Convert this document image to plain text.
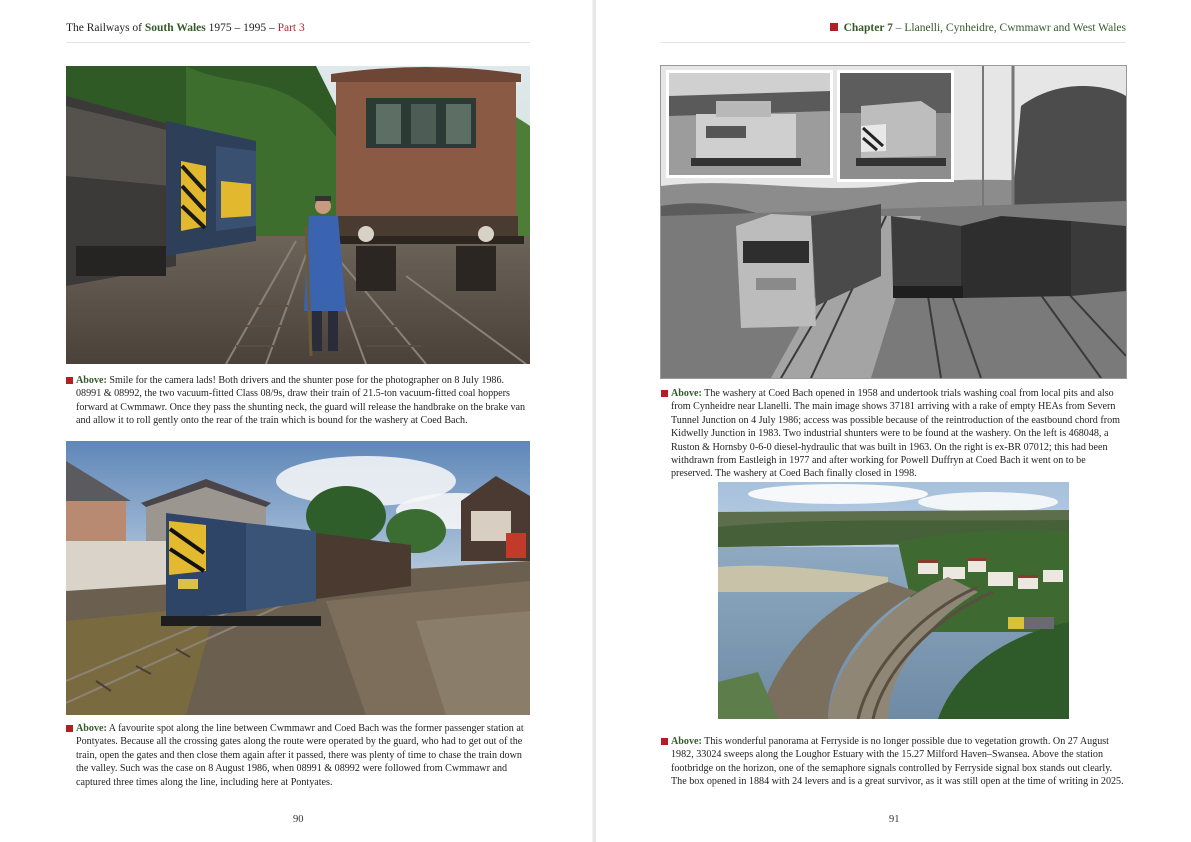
The Railways of South Wales 1975 – 1995 – Part 3

Above: Smile for the camera lads! Both drivers and the shunter pose for the photographer on 8 July 1986. 08991 & 08992, the two vacuum-fitted Class 08/9s, draw their train of 21.5-ton vacuum-fitted coal hoppers forward at Cwmmawr. Once they pass the shunting neck, the guard will release the handbrake on the brake van and allow it to roll gently onto the rear of the train which is bound for the washery at Coed Bach.

Above: A favourite spot along the line between Cwmmawr and Coed Bach was the former passenger station at Pontyates. Because all the crossing gates along the route were operated by the guard, who had to get out of the train, open the gates and then close them again after it passed, there was plenty of time to chase the train down the valley. Such was the case on 8 August 1986, when 08991 & 08992 were followed from Cwmmawr and captured three times along the line, including here at Pontyates.

90
Chapter 7 – Llanelli, Cynheidre, Cwmmawr and West Wales

Above: The washery at Coed Bach opened in 1958 and undertook trials washing coal from local pits and also from Cynheidre near Llanelli. The main image shows 37181 arriving with a rake of empty HEAs from Severn Tunnel Junction on 4 July 1986; access was possible because of the reintroduction of the eastbound chord from Kidwelly Junction in 1983. Two industrial shunters were to be found at the washery. On the left is 468048, a Ruston & Hornsby 0-6-0 diesel-hydraulic that was built in 1963. On the right is ex-BR 07012; this had been withdrawn from Eastleigh in 1977 and after working for Powell Duffryn at Coed Bach it went on to be preserved. The washery at Coed Bach finally closed in 1998.

Above: This wonderful panorama at Ferryside is no longer possible due to vegetation growth. On 27 August 1982, 33024 sweeps along the Loughor Estuary with the 15.27 Milford Haven–Swansea. Above the station footbridge on the horizon, one of the semaphore signals controlled by Ferryside signal box stands out clearly. The box opened in 1884 with 24 levers and is a great survivor, as it was still open at the time of writing in 2025.

91
